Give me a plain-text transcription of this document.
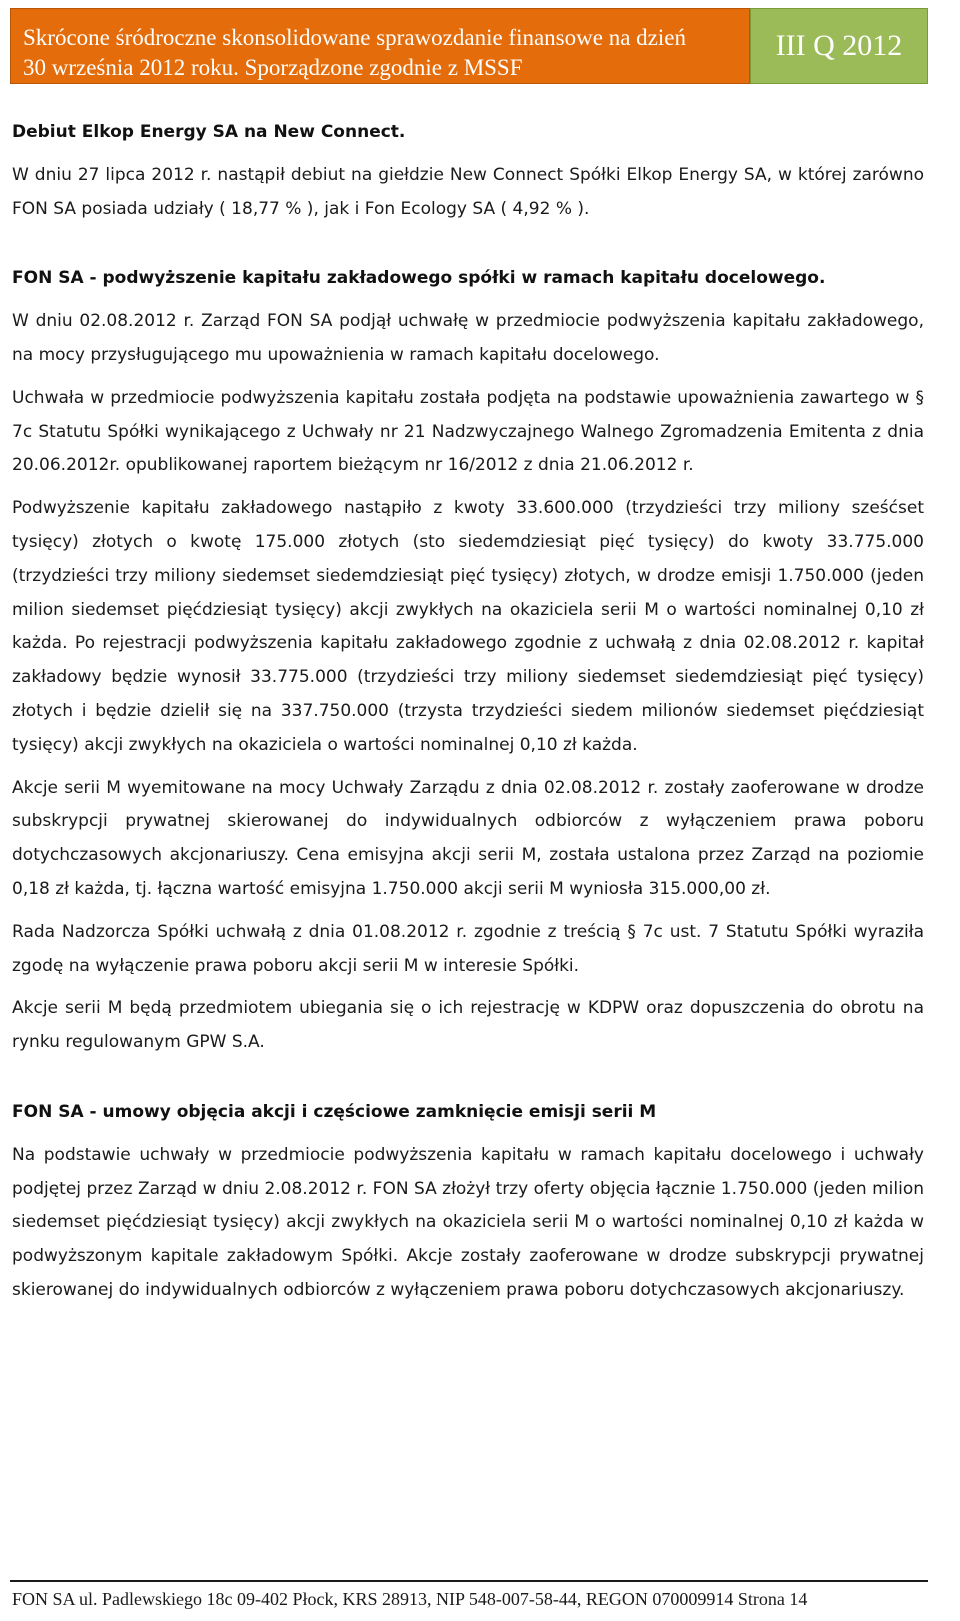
Skrócone śródroczne skonsolidowane sprawozdanie finansowe na dzień
30 września 2012 roku. Sporządzone zgodnie z MSSF
III Q 2012

Debiut Elkop Energy SA na New Connect.

W dniu 27 lipca 2012 r. nastąpił debiut na giełdzie New Connect Spółki Elkop Energy SA, w której zarówno FON SA posiada udziały ( 18,77 % ), jak i Fon Ecology SA ( 4,92 % ).

FON SA - podwyższenie kapitału zakładowego spółki w ramach kapitału docelowego.

W dniu 02.08.2012 r. Zarząd FON SA podjął uchwałę w przedmiocie podwyższenia kapitału zakładowego, na mocy przysługującego mu upoważnienia w ramach kapitału docelowego.

Uchwała w przedmiocie podwyższenia kapitału została podjęta na podstawie upoważnienia zawartego w § 7c Statutu Spółki wynikającego z Uchwały nr 21 Nadzwyczajnego Walnego Zgromadzenia Emitenta z dnia 20.06.2012r. opublikowanej raportem bieżącym nr 16/2012 z dnia 21.06.2012 r.

Podwyższenie kapitału zakładowego nastąpiło z kwoty 33.600.000 (trzydzieści trzy miliony sześćset tysięcy) złotych o kwotę 175.000 złotych (sto siedemdziesiąt pięć tysięcy) do kwoty 33.775.000 (trzydzieści trzy miliony siedemset siedemdziesiąt pięć tysięcy) złotych, w drodze emisji 1.750.000 (jeden milion siedemset pięćdziesiąt tysięcy) akcji zwykłych na okaziciela serii M o wartości nominalnej 0,10 zł każda. Po rejestracji podwyższenia kapitału zakładowego zgodnie z uchwałą z dnia 02.08.2012 r. kapitał zakładowy będzie wynosił 33.775.000 (trzydzieści trzy miliony siedemset siedemdziesiąt pięć tysięcy) złotych i będzie dzielił się na 337.750.000 (trzysta trzydzieści siedem milionów siedemset pięćdziesiąt tysięcy) akcji zwykłych na okaziciela o wartości nominalnej 0,10 zł każda.

Akcje serii M wyemitowane na mocy Uchwały Zarządu z dnia 02.08.2012 r. zostały zaoferowane w drodze subskrypcji prywatnej skierowanej do indywidualnych odbiorców z wyłączeniem prawa poboru dotychczasowych akcjonariuszy. Cena emisyjna akcji serii M, została ustalona przez Zarząd na poziomie 0,18 zł każda, tj. łączna wartość emisyjna 1.750.000 akcji serii M wyniosła 315.000,00 zł.

Rada Nadzorcza Spółki uchwałą z dnia 01.08.2012 r. zgodnie z treścią § 7c ust. 7 Statutu Spółki wyraziła zgodę na wyłączenie prawa poboru akcji serii M w interesie Spółki.

Akcje serii M będą przedmiotem ubiegania się o ich rejestrację w KDPW oraz dopuszczenia do obrotu na rynku regulowanym GPW S.A.

FON SA - umowy objęcia akcji i częściowe zamknięcie emisji serii M

Na podstawie uchwały w przedmiocie podwyższenia kapitału w ramach kapitału docelowego i uchwały podjętej przez Zarząd w dniu 2.08.2012 r. FON SA złożył trzy oferty objęcia łącznie 1.750.000 (jeden milion siedemset pięćdziesiąt tysięcy) akcji zwykłych na okaziciela serii M o wartości nominalnej 0,10 zł każda w podwyższonym kapitale zakładowym Spółki. Akcje zostały zaoferowane w drodze subskrypcji prywatnej skierowanej do indywidualnych odbiorców z wyłączeniem prawa poboru dotychczasowych akcjonariuszy.

FON SA ul. Padlewskiego 18c 09-402 Płock, KRS 28913, NIP 548-007-58-44, REGON 070009914 Strona 14
